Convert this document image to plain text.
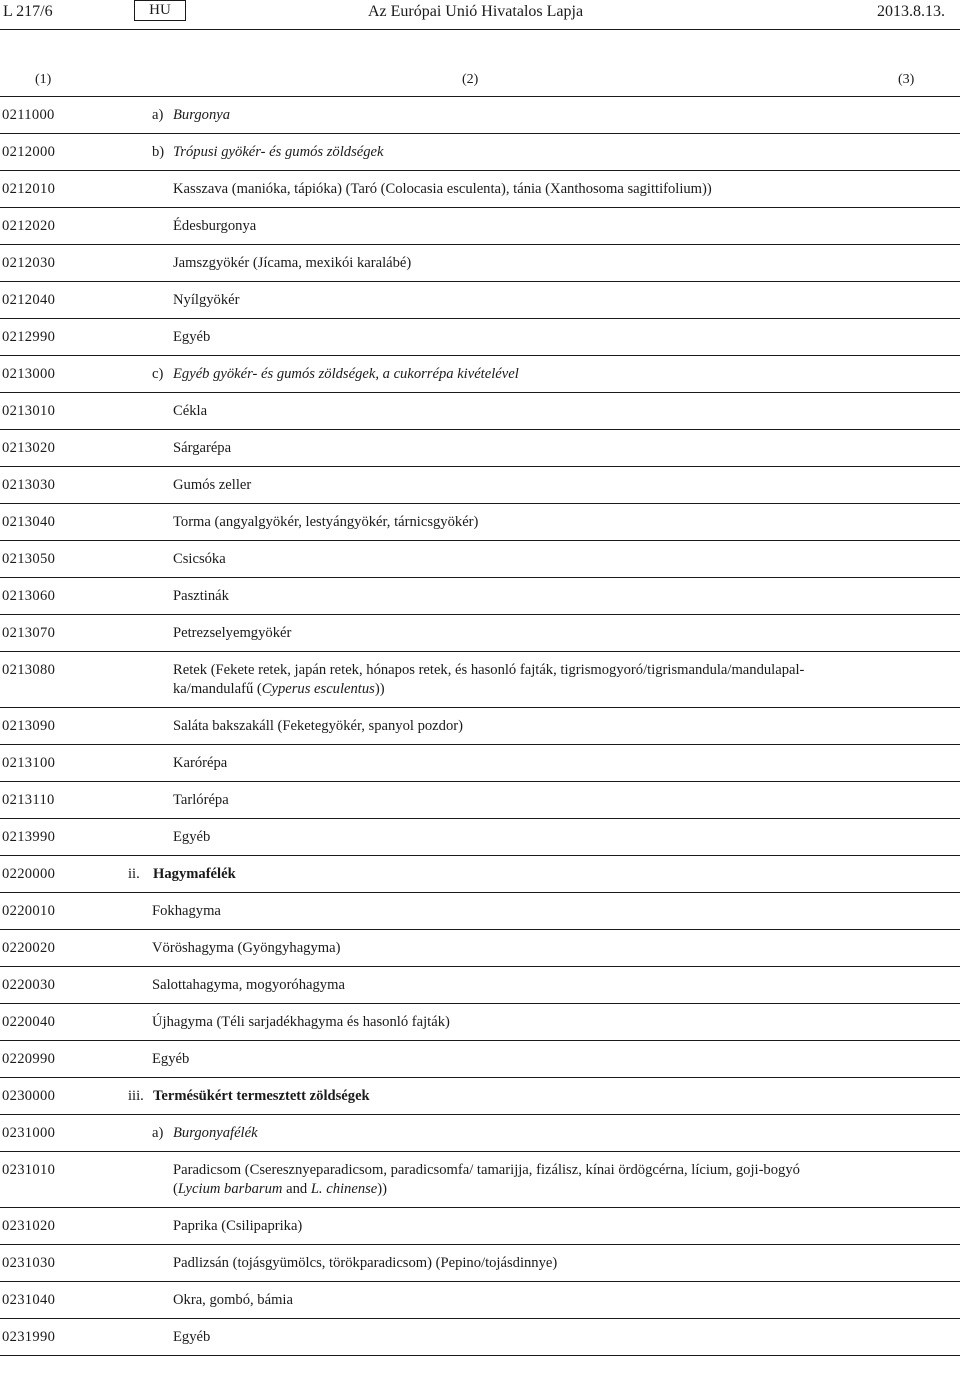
L 217/6	HU	Az Európai Unió Hivatalos Lapja	2013.8.13.
(1)	(2)	(3)
0211000	a) Burgonya
0212000	b) Trópusi gyökér- és gumós zöldségek
0212010	Kasszava (manióka, tápióka) (Taró (Colocasia esculenta), tánia (Xanthosoma sagittifolium))
0212020	Édesburgonya
0212030	Jamszgyökér (Jícama, mexikói karalábé)
0212040	Nyílgyökér
0212990	Egyéb
0213000	c) Egyéb gyökér- és gumós zöldségek, a cukorrépa kivételével
0213010	Cékla
0213020	Sárgarépa
0213030	Gumós zeller
0213040	Torma (angyalgyökér, lestyángyökér, tárnicsgyökér)
0213050	Csicsóka
0213060	Pasztinák
0213070	Petrezselyemgyökér
0213080	Retek (Fekete retek, japán retek, hónapos retek, és hasonló fajták, tigrismogyoró/tigrismandula/mandulapal-
ka/mandulafű (Cyperus esculentus))
0213090	Saláta bakszakáll (Feketegyökér, spanyol pozdor)
0213100	Karórépa
0213110	Tarlórépa
0213990	Egyéb
0220000	ii. Hagymafélék
0220010	Fokhagyma
0220020	Vöröshagyma (Gyöngyhagyma)
0220030	Salottahagyma, mogyoróhagyma
0220040	Újhagyma (Téli sarjadékhagyma és hasonló fajták)
0220990	Egyéb
0230000	iii. Termésükért termesztett zöldségek
0231000	a) Burgonyafélék
0231010	Paradicsom (Cseresznyeparadicsom, paradicsomfa/ tamarijja, fizálisz, kínai ördögcérna, lícium, goji-bogyó
(Lycium barbarum and L. chinense))
0231020	Paprika (Csilipaprika)
0231030	Padlizsán (tojásgyümölcs, törökparadicsom) (Pepino/tojásdinnye)
0231040	Okra, gombó, bámia
0231990	Egyéb
